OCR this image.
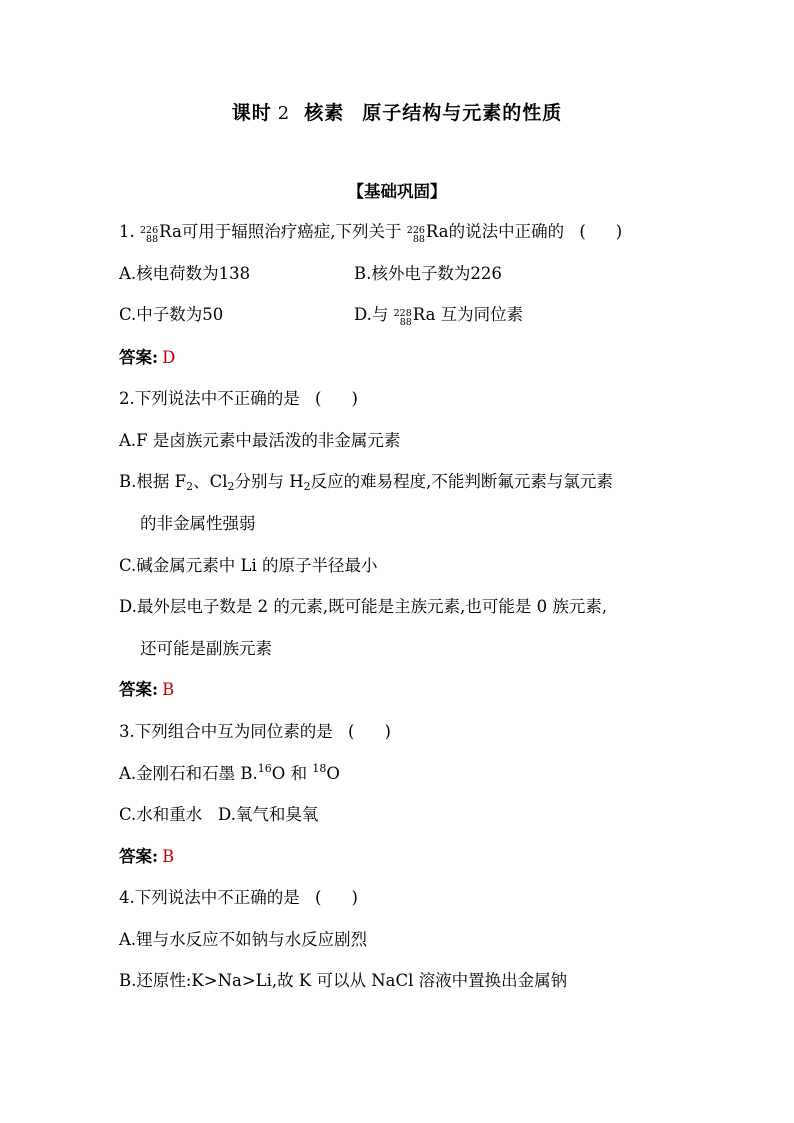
课时 2 核素 原子结构与元素的性质
【基础巩固】
1. 226
88 Ra可用于辐照治疗癌症,下列关于 226
88 Ra的说法中正确的 ( )
A.核电荷数为138	B.核外电子数为226
C.中子数为50	D.与 228
88 Ra 互为同位素
答案: D
2.下列说法中不正确的是 ( )
A.F 是卤族元素中最活泼的非金属元素
B.根据 $F_2$、$Cl_2$分别与 $H_2$反应的难易程度,不能判断氟元素与氯元素
的非金属性强弱
C.碱金属元素中 Li 的原子半径最小
D.最外层电子数是 2 的元素,既可能是主族元素,也可能是 0 族元素,
还可能是副族元素
答案: B
3.下列组合中互为同位素的是 ( )
A.金刚石和石墨 B.$^{16}$O 和 $^{18}$O
C.水和重水 D.氧气和臭氧
答案: B
4.下列说法中不正确的是 ( )
A.锂与水反应不如钠与水反应剧烈
B.还原性:K>Na>Li,故 K 可以从 NaCl 溶液中置换出金属钠
